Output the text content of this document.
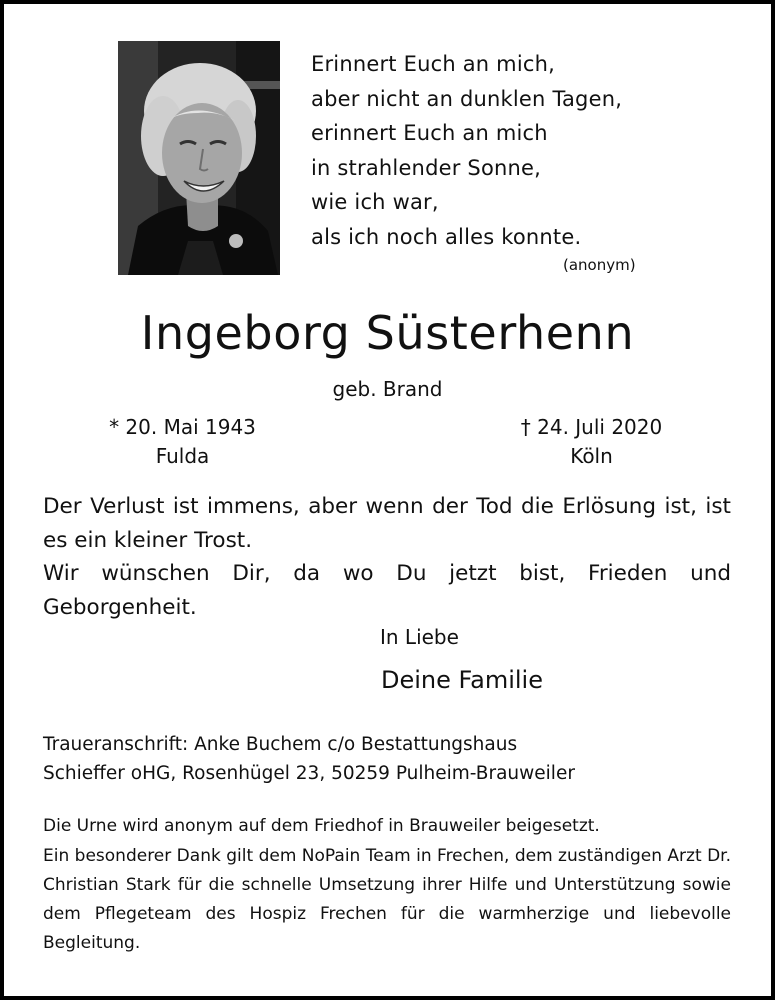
Erinnert Euch an mich,
aber nicht an dunklen Tagen,
erinnert Euch an mich
in strahlender Sonne,
wie ich war,
als ich noch alles konnte.
(anonym)
Ingeborg Süsterhenn
geb. Brand
* 20. Mai 1943
Fulda
† 24. Juli 2020
Köln
Der Verlust ist immens, aber wenn der Tod die Erlösung ist, ist es ein kleiner Trost.
Wir wünschen Dir, da wo Du jetzt bist, Frieden und Geborgenheit.
In Liebe
Deine Familie
Traueranschrift: Anke Buchem c/o Bestattungshaus
Schieffer oHG, Rosenhügel 23, 50259 Pulheim-Brauweiler
Die Urne wird anonym auf dem Friedhof in Brauweiler beigesetzt.
Ein besonderer Dank gilt dem NoPain Team in Frechen, dem zuständigen Arzt Dr. Christian Stark für die schnelle Umsetzung ihrer Hilfe und Unterstützung sowie dem Pflegeteam des Hospiz Frechen für die warmherzige und liebevolle Begleitung.
